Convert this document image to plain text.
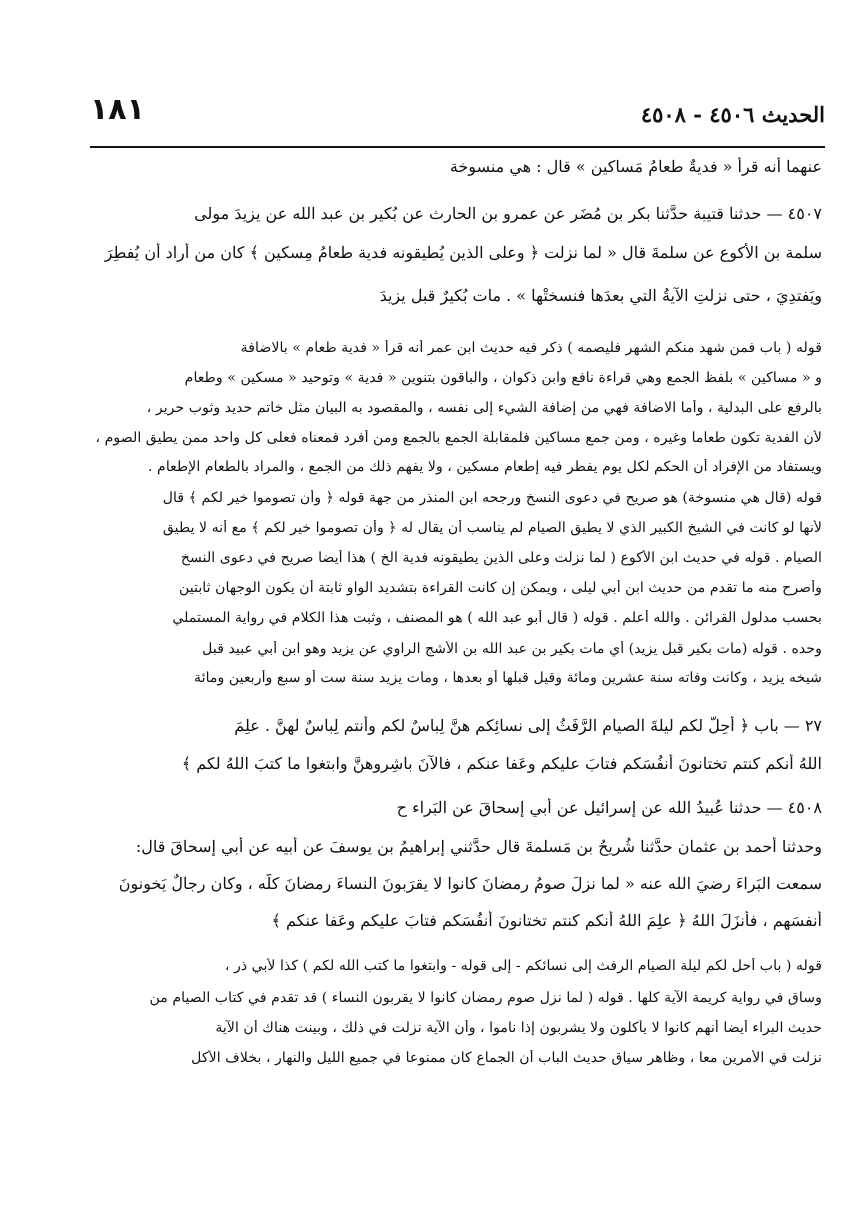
الحديث ٤٥٠٦ - ٤٥٠٨
١٨١
عنهما أنه قرأ « فديةٌ طعامُ مَساكين » قال : هي منسوخة
٤٥٠٧ — حدثنا قتيبة حدَّثنا بكر بن مُضَر عن عمرو بن الحارث عن بُكير بن عبد الله عن يزيدَ مولى
سلمة بن الأكوع عن سلمةَ قال « لما نزلت ﴿ وعلى الذين يُطيقونه فدية طعامُ مِسكين ﴾ كان من أراد أن يُفطِرَ
ويَفتدِيَ ، حتى نزلتِ الآيةُ التي بعدَها فنسختْها » . مات بُكيرٌ قبل يزيدَ
قوله ( باب فمن شهد منكم الشهر فليصمه ) ذكر فيه حديث ابن عمر أنه قرأ « فدية طعام » بالاضافة
و « مساكين » بلفظ الجمع وهي قراءة نافع وابن ذكوان ، والباقون بتنوين « فدية » وتوحيد « مسكين » وطعام
بالرفع على البدلية ، وأما الاضافة فهي من إضافة الشيء إلى نفسه ، والمقصود به البيان مثل خاتم حديد وثوب حرير ،
لأن الفدية تكون طعاما وغيره ، ومن جمع مساكين فلمقابلة الجمع بالجمع ومن أفرد فمعناه فعلى كل واحد ممن يطيق الصوم ،
ويستفاد من الإفراد أن الحكم لكل يوم يفطر فيه إطعام مسكين ، ولا يفهم ذلك من الجمع ، والمراد بالطعام الإطعام .
قوله (قال هي منسوخة) هو صريح في دعوى النسخ ورجحه ابن المنذر من جهة قوله ﴿ وأن تصوموا خير لكم ﴾ قال
لأنها لو كانت في الشيخ الكبير الذي لا يطيق الصيام لم يناسب أن يقال له ﴿ وأن تصوموا خير لكم ﴾ مع أنه لا يطيق
الصيام . قوله في حديث ابن الأكوع ( لما نزلت وعلى الذين يطيقونه فدية الخ ) هذا أيضا صريح في دعوى النسخ
وأصرح منه ما تقدم من حديث ابن أبي ليلى ، ويمكن إن كانت القراءة بتشديد الواو ثابتة أن يكون الوجهان ثابتين
بحسب مدلول القرائن . والله أعلم . قوله ( قال أبو عبد الله ) هو المصنف ، وثبت هذا الكلام في رواية المستملي
وحده . قوله (مات بكير قبل يزيد) أي مات بكير بن عبد الله بن الأشج الراوي عن يزيد وهو ابن أبي عبيد قبل
شيخه يزيد ، وكانت وفاته سنة عشرين ومائة وقيل قبلها أو بعدها ، ومات يزيد سنة ست أو سبع وأربعين ومائة
٢٧ — باب ﴿ أُحِلَّ لكم ليلةَ الصيام الرَّفَثُ إلى نسائِكم هنَّ لِباسٌ لكم وأنتم لِباسٌ لهنَّ . علِمَ
اللهُ أنكم كنتم تختانونَ أنفُسَكم فتابَ عليكم وعَفا عنكم ، فالآنَ باشِروهنَّ وابتغوا ما كتبَ اللهُ لكم ﴾
٤٥٠٨ — حدثنا عُبيدُ الله عن إسرائيل عن أبي إسحاقَ عن البَراء ح
وحدثنا أحمد بن عثمان حدَّثنا شُريحُ بن مَسلمةَ قال حدَّثني إبراهيمُ بن يوسفَ عن أبيه عن أبي إسحاقَ قال:
سمعت البَراءَ رضيَ الله عنه « لما نزلَ صومُ رمضانَ كانوا لا يقرَبونَ النساءَ رمضانَ كلَّه ، وكان رجالٌ يَخونونَ
أنفسَهم ، فأنزَلَ اللهُ ﴿ علِمَ اللهُ أنكم كنتم تختانونَ أنفُسَكم فتابَ عليكم وعَفا عنكم ﴾
قوله ( باب أحل لكم ليلة الصيام الرفث إلى نسائكم - إلى قوله - وابتغوا ما كتب الله لكم ) كذا لأبي ذر ،
وساق في رواية كريمة الآية كلها . قوله ( لما نزل صوم رمضان كانوا لا يقربون النساء ) قد تقدم في كتاب الصيام من
حديث البراء أيضا أنهم كانوا لا يأكلون ولا يشربون إذا ناموا ، وأن الآية نزلت في ذلك ، وبينت هناك أن الآية
نزلت في الأمرين معا ، وظاهر سياق حديث الباب أن الجماع كان ممنوعا في جميع الليل والنهار ، بخلاف الأكل
